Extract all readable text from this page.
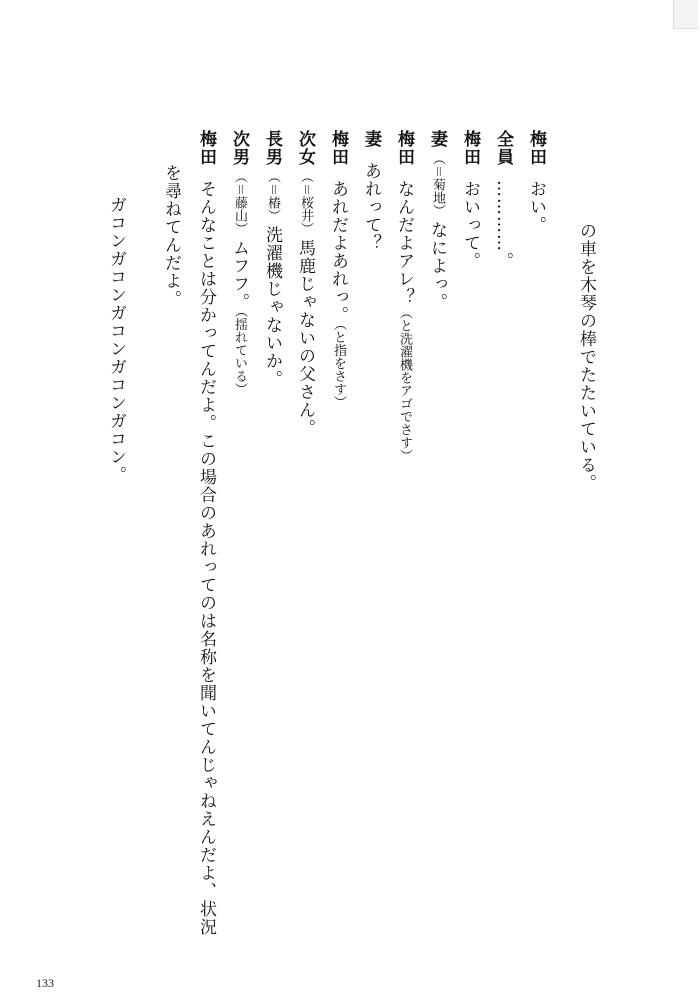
の車を木琴の棒でたたいている。
梅田おい。
全員…………。
梅田おいって。
妻（＝菊地）なによっ。
梅田なんだよアレ？（と洗濯機をアゴでさす）
妻あれって？
梅田あれだよあれっ。（と指をさす）
次女（＝桜井）馬鹿じゃないの父さん。
長男（＝椿）洗濯機じゃないか。
次男（＝藤山）ムフフ。（揺れている）
梅田そんなことは分かってんだよ。この場合のあれってのは名称を聞いてんじゃねえんだよ、状況
を尋ねてんだよ。
ガコンガコンガコンガコンガコン。
133
